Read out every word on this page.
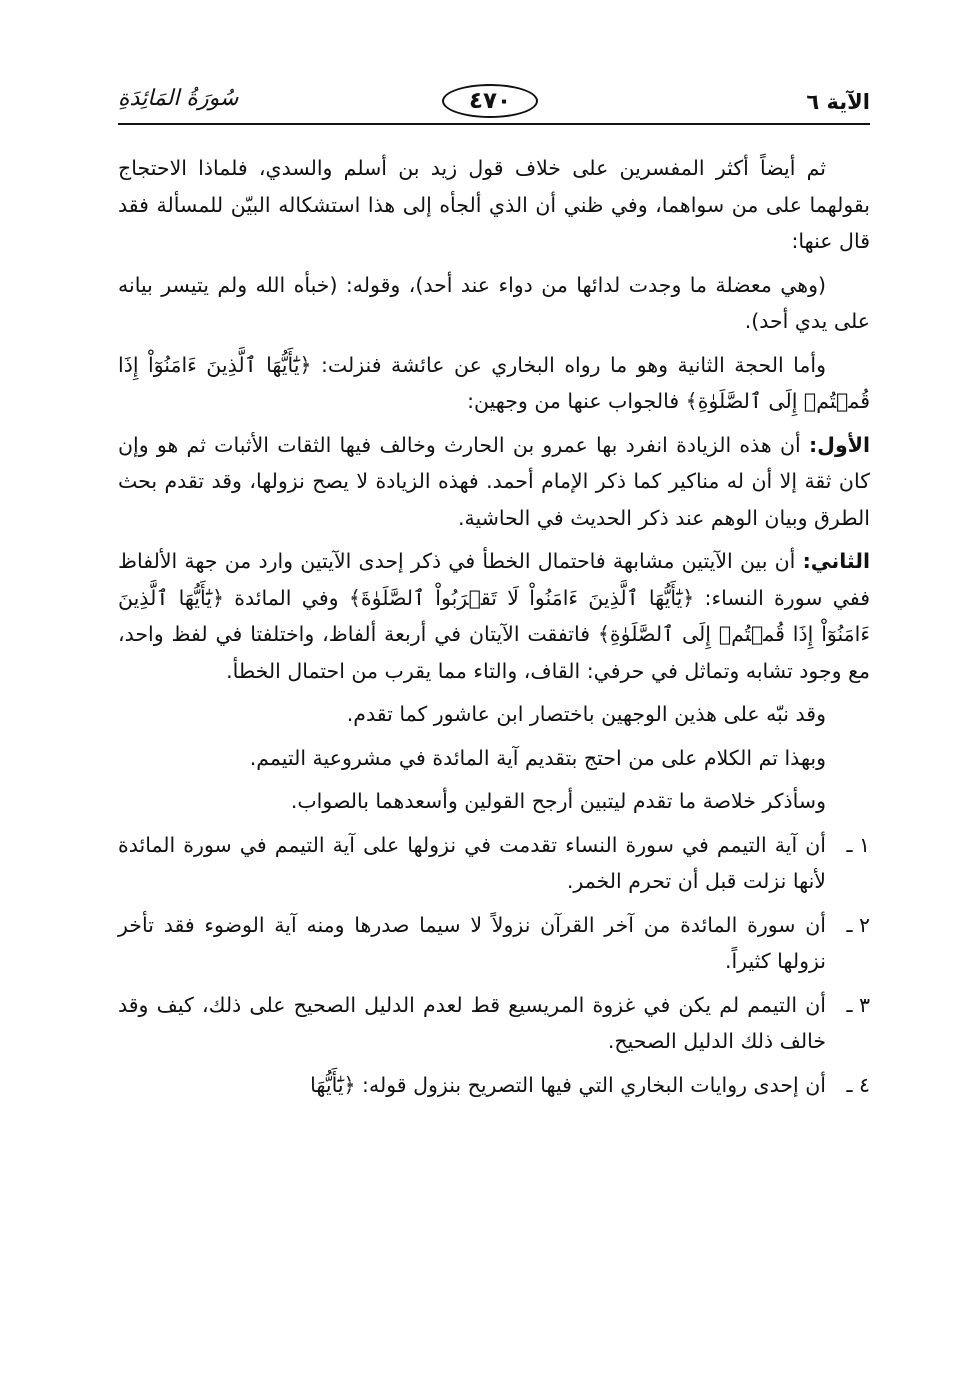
الآية ٦
٤٧٠
سُورَةُ المَائِدَةِ

ثم أيضاً أكثر المفسرين على خلاف قول زيد بن أسلم والسدي، فلماذا الاحتجاج بقولهما على من سواهما، وفي ظني أن الذي ألجأه إلى هذا استشكاله البيّن للمسألة فقد قال عنها:

(وهي معضلة ما وجدت لدائها من دواء عند أحد)، وقوله: (خبأه الله ولم يتيسر بيانه على يدي أحد).

وأما الحجة الثانية وهو ما رواه البخاري عن عائشة فنزلت: ﴿يَٰٓأَيُّهَا ٱلَّذِينَ ءَامَنُوٓاْ إِذَا قُمۡتُمۡ إِلَى ٱلصَّلَوٰةِ﴾ فالجواب عنها من وجهين:

الأول: أن هذه الزيادة انفرد بها عمرو بن الحارث وخالف فيها الثقات الأثبات ثم هو وإن كان ثقة إلا أن له مناكير كما ذكر الإمام أحمد. فهذه الزيادة لا يصح نزولها، وقد تقدم بحث الطرق وبيان الوهم عند ذكر الحديث في الحاشية.

الثاني: أن بين الآيتين مشابهة فاحتمال الخطأ في ذكر إحدى الآيتين وارد من جهة الألفاظ ففي سورة النساء: ﴿يَٰٓأَيُّهَا ٱلَّذِينَ ءَامَنُواْ لَا تَقۡرَبُواْ ٱلصَّلَوٰةَ﴾ وفي المائدة ﴿يَٰٓأَيُّهَا ٱلَّذِينَ ءَامَنُوٓاْ إِذَا قُمۡتُمۡ إِلَى ٱلصَّلَوٰةِ﴾ فاتفقت الآيتان في أربعة ألفاظ، واختلفتا في لفظ واحد، مع وجود تشابه وتماثل في حرفي: القاف، والتاء مما يقرب من احتمال الخطأ.

وقد نبّه على هذين الوجهين باختصار ابن عاشور كما تقدم.

وبهذا تم الكلام على من احتج بتقديم آية المائدة في مشروعية التيمم.

وسأذكر خلاصة ما تقدم ليتبين أرجح القولين وأسعدهما بالصواب.

١ ـ
أن آية التيمم في سورة النساء تقدمت في نزولها على آية التيمم في سورة المائدة لأنها نزلت قبل أن تحرم الخمر.
٢ ـ
أن سورة المائدة من آخر القرآن نزولاً لا سيما صدرها ومنه آية الوضوء فقد تأخر نزولها كثيراً.
٣ ـ
أن التيمم لم يكن في غزوة المريسيع قط لعدم الدليل الصحيح على ذلك، كيف وقد خالف ذلك الدليل الصحيح.
٤ ـ
أن إحدى روايات البخاري التي فيها التصريح بنزول قوله: ﴿يَٰٓأَيُّهَا
